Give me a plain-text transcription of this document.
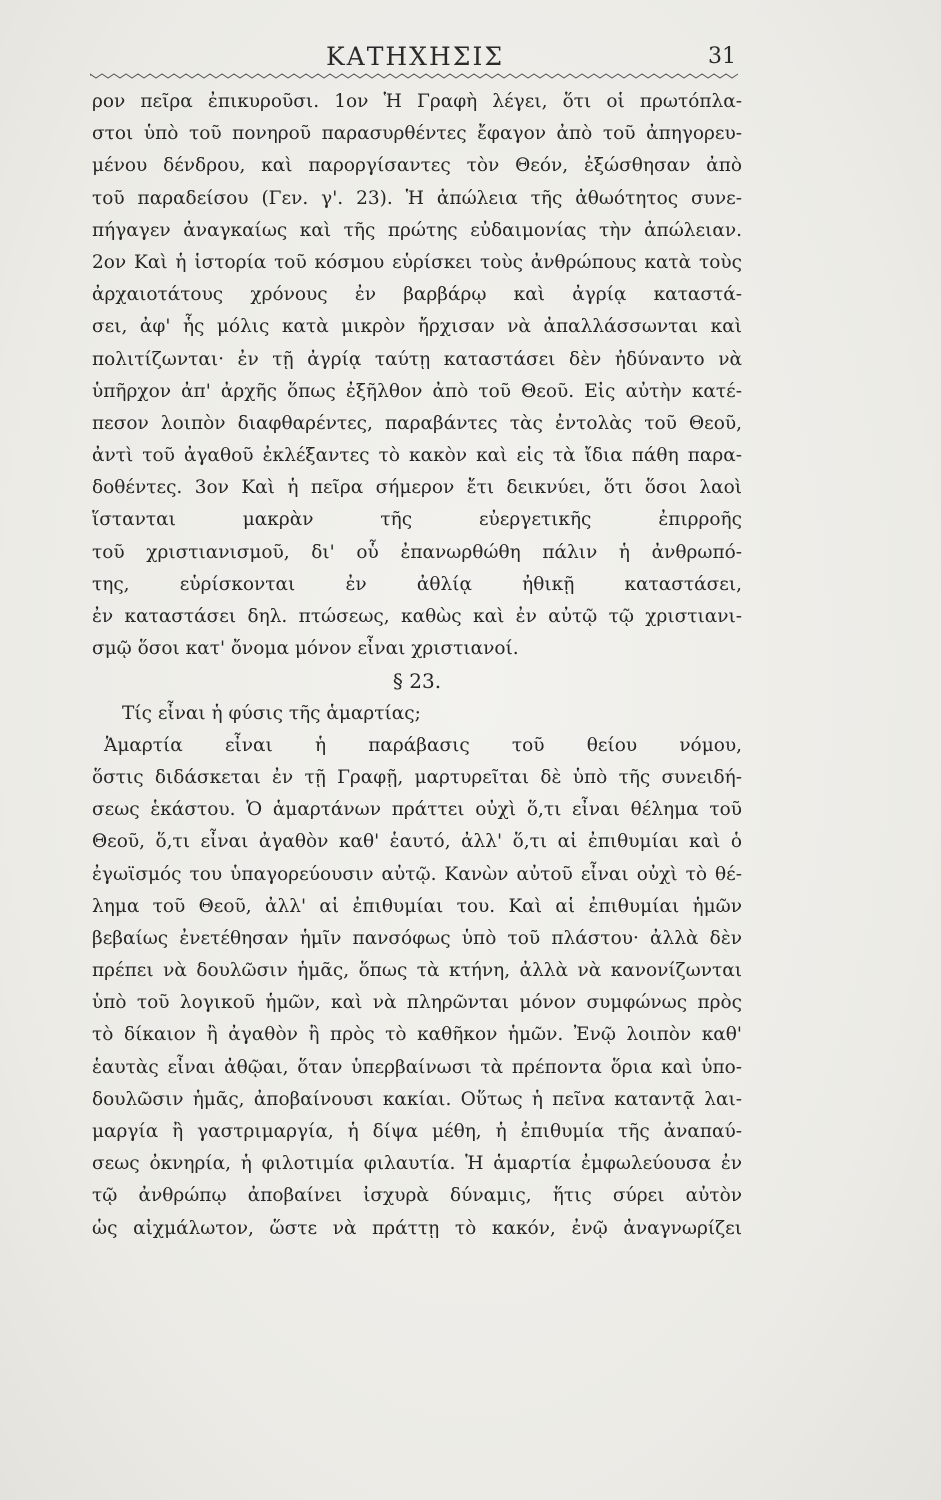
ΚΑΤΗΧΗΣΙΣ	31
ρον πεῖρα ἐπικυροῦσι. 1ον Ἡ Γραφὴ λέγει, ὅτι οἱ πρωτόπλα-
στοι ὑπὸ τοῦ πονηροῦ παρασυρθέντες ἔφαγον ἀπὸ τοῦ ἀπηγορευ-
μένου δένδρου, καὶ παροργίσαντες τὸν Θεόν, ἐξώσθησαν ἀπὸ
τοῦ παραδείσου (Γεν. γ'. 23). Ἡ ἀπώλεια τῆς ἀθωότητος συνε-
πήγαγεν ἀναγκαίως καὶ τῆς πρώτης εὐδαιμονίας τὴν ἀπώλειαν.
2ον Καὶ ἡ ἱστορία τοῦ κόσμου εὑρίσκει τοὺς ἀνθρώπους κατὰ τοὺς
ἀρχαιοτάτους χρόνους ἐν βαρβάρῳ καὶ ἀγρίᾳ καταστά-
σει, ἀφ' ἧς μόλις κατὰ μικρὸν ἤρχισαν νὰ ἀπαλλάσσωνται καὶ
πολιτίζωνται· ἐν τῇ ἀγρίᾳ ταύτῃ καταστάσει δὲν ἠδύναντο νὰ
ὑπῆρχον ἀπ' ἀρχῆς ὅπως ἐξῆλθον ἀπὸ τοῦ Θεοῦ. Εἰς αὐτὴν κατέ-
πεσον λοιπὸν διαφθαρέντες, παραβάντες τὰς ἐντολὰς τοῦ Θεοῦ,
ἀντὶ τοῦ ἀγαθοῦ ἐκλέξαντες τὸ κακὸν καὶ εἰς τὰ ἴδια πάθη παρα-
δοθέντες. 3ον Καὶ ἡ πεῖρα σήμερον ἔτι δεικνύει, ὅτι ὅσοι λαοὶ
ἵστανται μακρὰν τῆς εὐεργετικῆς ἐπιρροῆς
τοῦ χριστιανισμοῦ, δι' οὗ ἐπανωρθώθη πάλιν ἡ ἀνθρωπό-
της, εὑρίσκονται ἐν ἀθλίᾳ ἠθικῇ καταστάσει,
ἐν καταστάσει δηλ. πτώσεως, καθὼς καὶ ἐν αὐτῷ τῷ χριστιανι-
σμῷ ὅσοι κατ' ὄνομα μόνον εἶναι χριστιανοί.
§ 23.
Τίς εἶναι ἡ φύσις τῆς ἁμαρτίας;
Ἁμαρτία εἶναι ἡ παράβασις τοῦ θείου νόμου,
ὅστις διδάσκεται ἐν τῇ Γραφῇ, μαρτυρεῖται δὲ ὑπὸ τῆς συνειδή-
σεως ἑκάστου. Ὁ ἁμαρτάνων πράττει οὐχὶ ὅ,τι εἶναι θέλημα τοῦ
Θεοῦ, ὅ,τι εἶναι ἀγαθὸν καθ' ἑαυτό, ἀλλ' ὅ,τι αἱ ἐπιθυμίαι καὶ ὁ
ἐγωϊσμός του ὑπαγορεύουσιν αὐτῷ. Κανὼν αὐτοῦ εἶναι οὐχὶ τὸ θέ-
λημα τοῦ Θεοῦ, ἀλλ' αἱ ἐπιθυμίαι του. Καὶ αἱ ἐπιθυμίαι ἡμῶν
βεβαίως ἐνετέθησαν ἡμῖν πανσόφως ὑπὸ τοῦ πλάστου· ἀλλὰ δὲν
πρέπει νὰ δουλῶσιν ἡμᾶς, ὅπως τὰ κτήνη, ἀλλὰ νὰ κανονίζωνται
ὑπὸ τοῦ λογικοῦ ἡμῶν, καὶ νὰ πληρῶνται μόνον συμφώνως πρὸς
τὸ δίκαιον ἢ ἀγαθὸν ἢ πρὸς τὸ καθῆκον ἡμῶν. Ἐνῷ λοιπὸν καθ'
ἑαυτὰς εἶναι ἀθῷαι, ὅταν ὑπερβαίνωσι τὰ πρέποντα ὅρια καὶ ὑπο-
δουλῶσιν ἡμᾶς, ἀποβαίνουσι κακίαι. Οὕτως ἡ πεῖνα καταντᾷ λαι-
μαργία ἢ γαστριμαργία, ἡ δίψα μέθη, ἡ ἐπιθυμία τῆς ἀναπαύ-
σεως ὀκνηρία, ἡ φιλοτιμία φιλαυτία. Ἡ ἁμαρτία ἐμφωλεύουσα ἐν
τῷ ἀνθρώπῳ ἀποβαίνει ἰσχυρὰ δύναμις, ἥτις σύρει αὐτὸν
ὡς αἰχμάλωτον, ὥστε νὰ πράττῃ τὸ κακόν, ἐνῷ ἀναγνωρίζει
